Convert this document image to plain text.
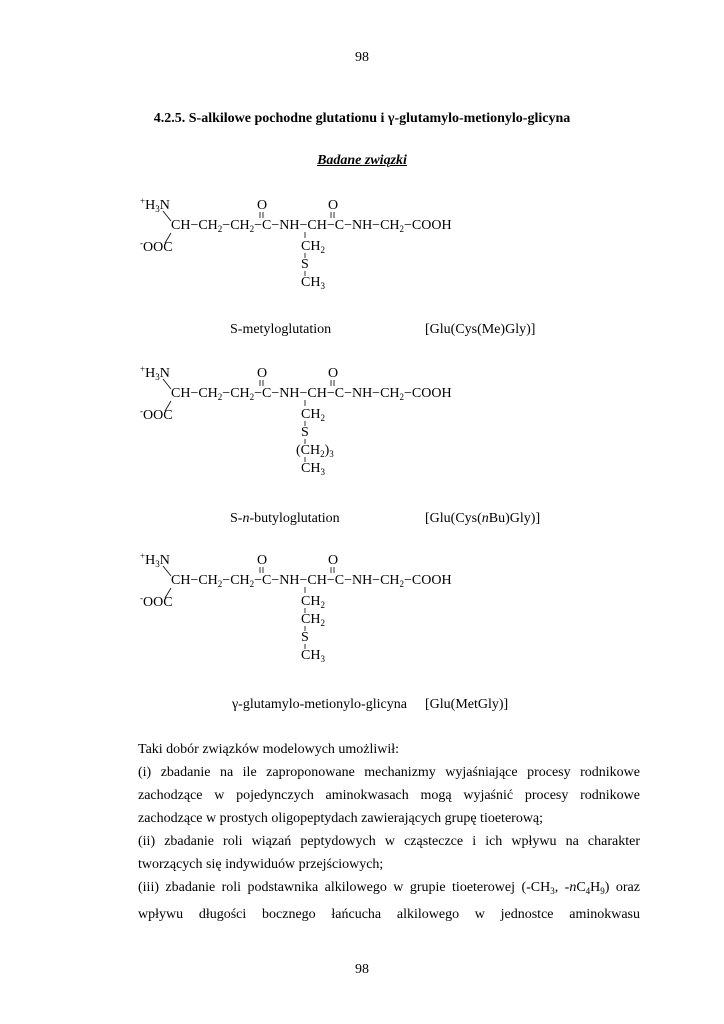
98
4.2.5. S-alkilowe pochodne glutationu i γ-glutamylo-metionylo-glicyna
Badane związki
$^+H_3N$
$CH-CH_2-CH_2-C-NH-CH-C-NH-CH_2-COOH$
-OOC
O	O
$CH_2$
S
$CH_3$
S-metyloglutation	[Glu(Cys(Me)Gly)]
$^+H_3N$
$CH-CH_2-CH_2-C-NH-CH-C-NH-CH_2-COOH$
-OOC
O	O
$CH_2$
S
$(CH_2)_3$
$CH_3$
S-n-butyloglutation	[Glu(Cys(nBu)Gly)]
$^+H_3N$
$CH-CH_2-CH_2-C-NH-CH-C-NH-CH_2-COOH$
-OOC
O	O
$CH_2$
$CH_2$
S
$CH_3$
γ-glutamylo-metionylo-glicyna [Glu(MetGly)]

Taki dobór związków modelowych umożliwił:

(i) zbadanie na ile zaproponowane mechanizmy wyjaśniające procesy rodnikowe zachodzące w pojedynczych aminokwasach mogą wyjaśnić procesy rodnikowe zachodzące w prostych oligopeptydach zawierających grupę tioeterową;

(ii) zbadanie roli wiązań peptydowych w cząsteczce i ich wpływu na charakter tworzących się indywiduów przejściowych;

(iii) zbadanie roli podstawnika alkilowego w grupie tioeterowej ($-CH_3$, $-nC_4H_9$) oraz

wpływu długości bocznego łańcucha alkilowego w jednostce aminokwasu

98
